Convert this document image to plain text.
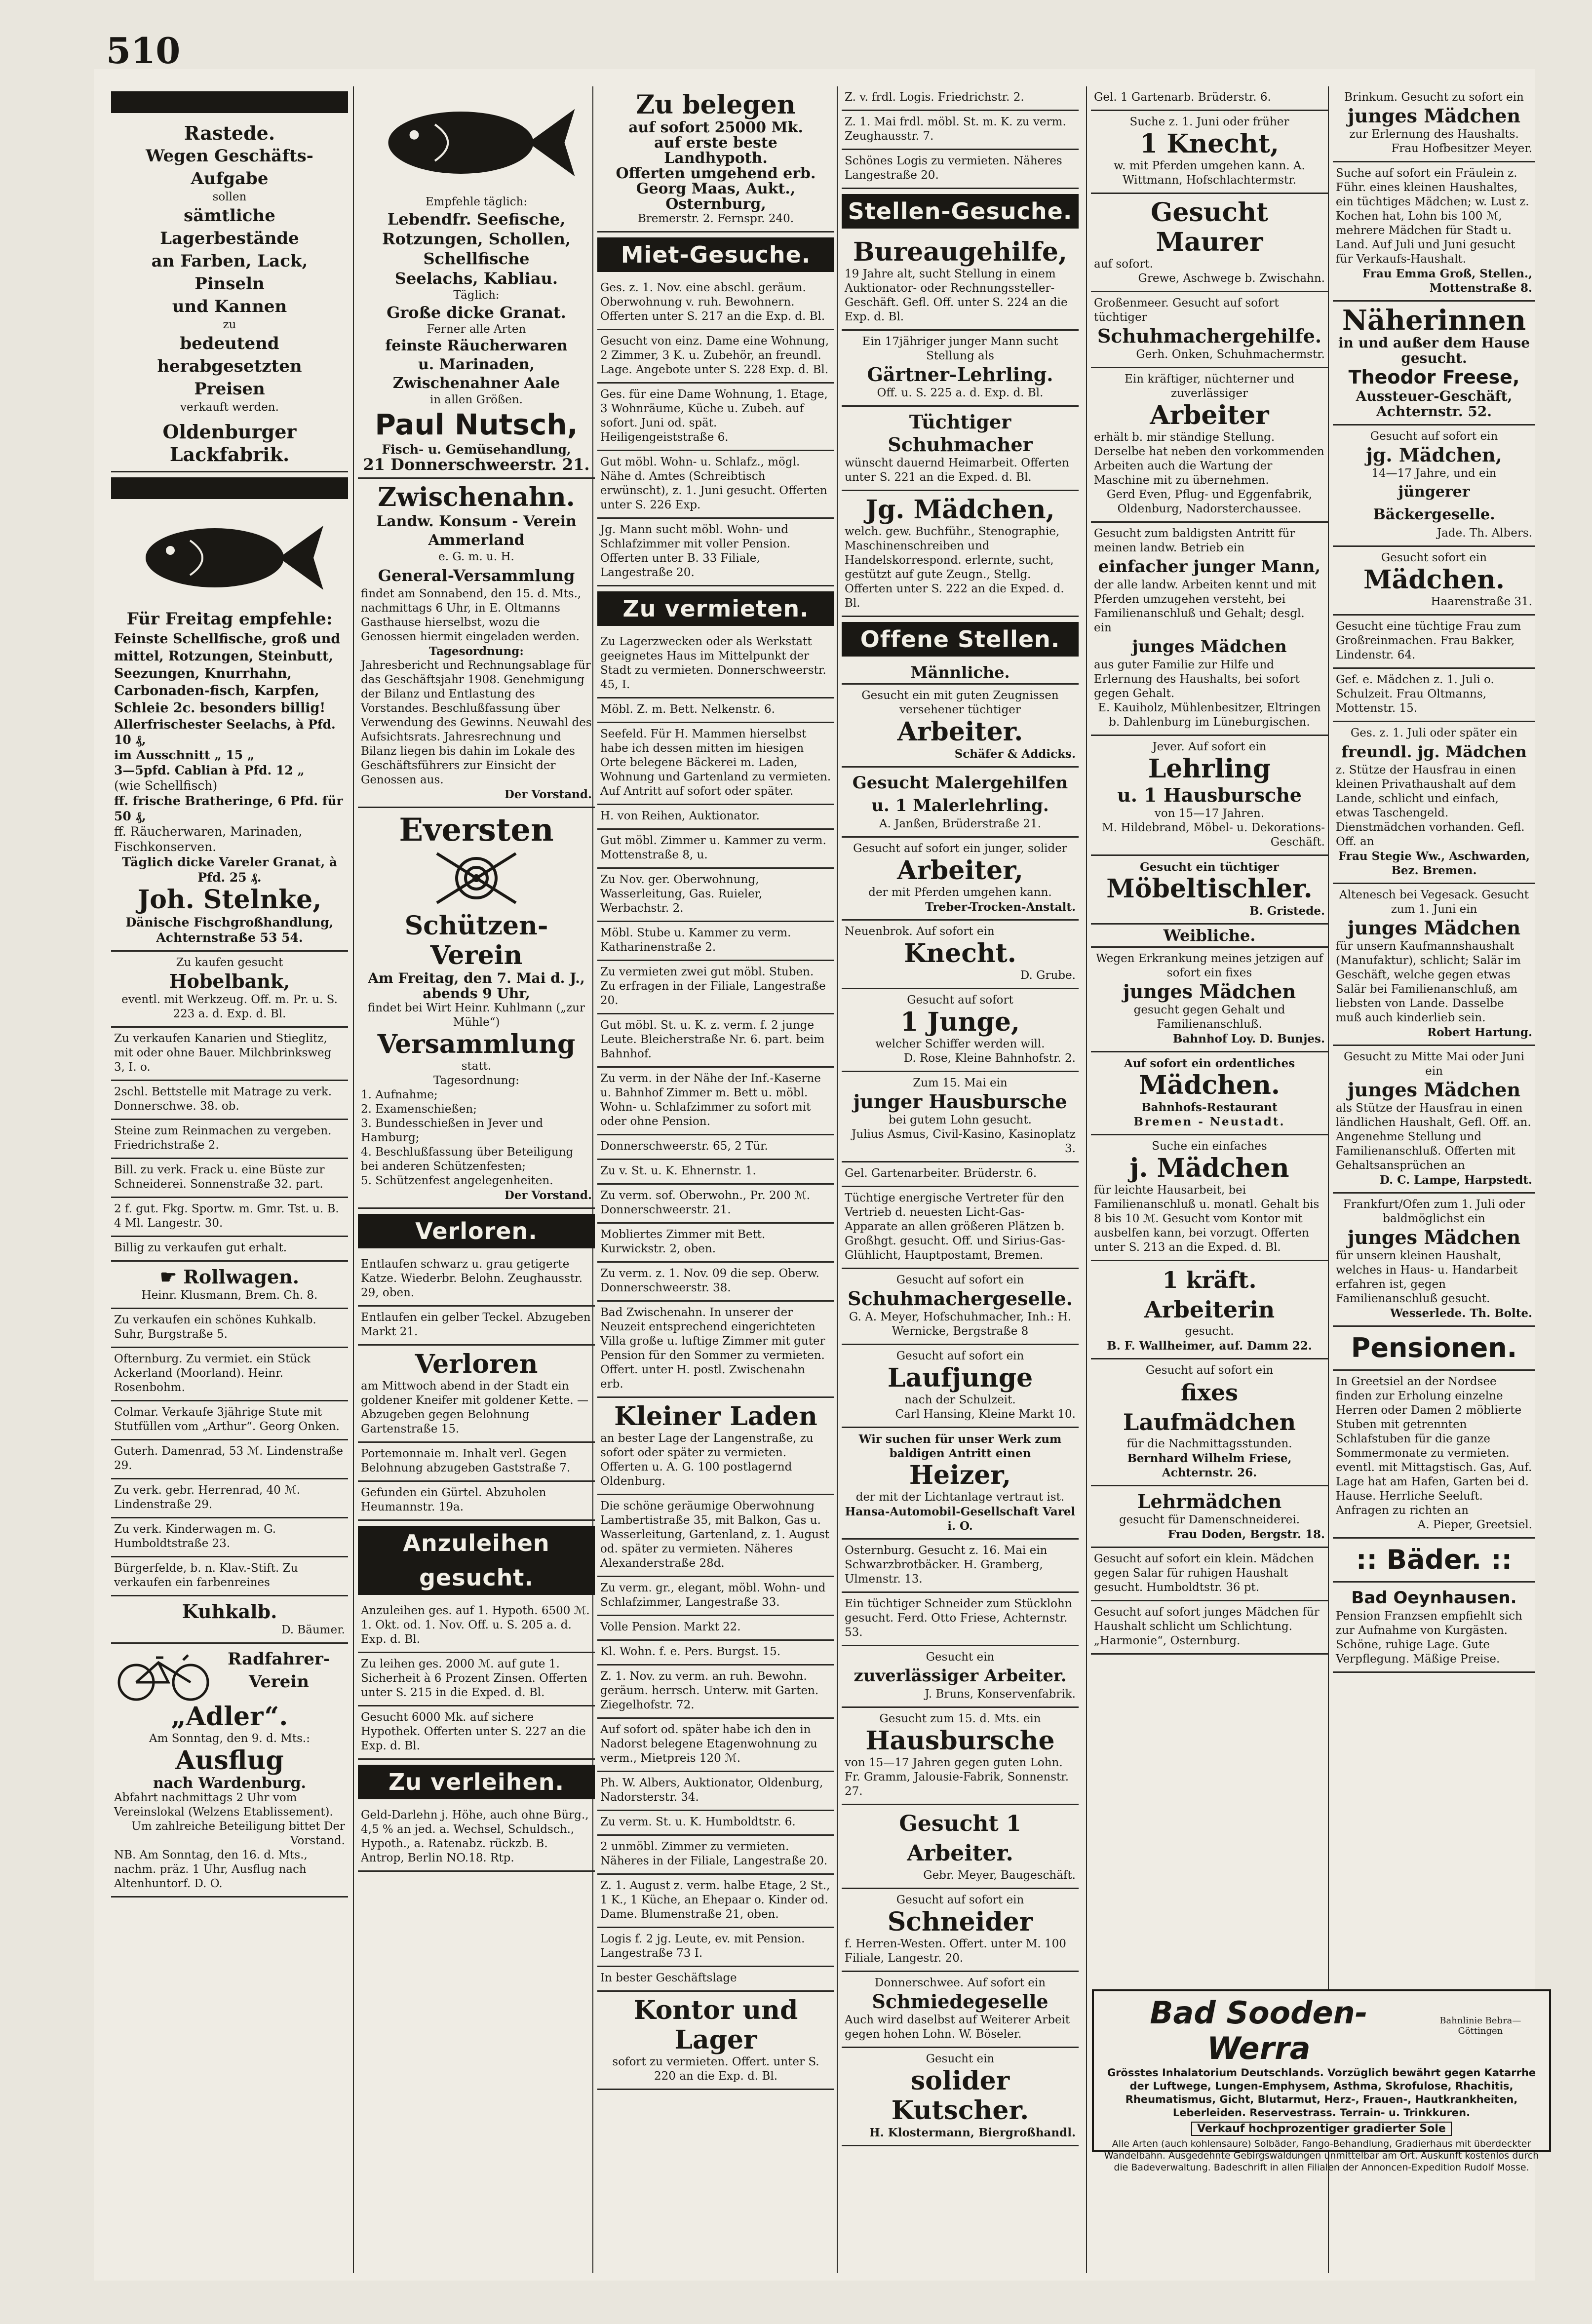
510
Rastede.
Wegen Geschäfts-Aufgabe
sollen
sämtliche Lagerbestände
an Farben, Lack, Pinseln
und Kannen
zu
bedeutend herabgesetzten
Preisen
verkauft werden.
Oldenburger Lackfabrik.
Für Freitag empfehle:
Feinste Schellfische, groß und mittel, Rotzungen, Steinbutt, Seezungen, Knurrhahn, Carbonaden-fisch, Karpfen, Schleie 2c. besonders billig!
Allerfrischester Seelachs, à Pfd. 10 ₰,
im Ausschnitt „ 15 „
3—5pfd. Cablian à Pfd. 12 „
(wie Schellfisch)
ff. frische Bratheringe, 6 Pfd. für 50 ₰,
ff. Räucherwaren, Marinaden, Fischkonserven.
Täglich dicke Vareler Granat, à Pfd. 25 ₰.
Joh. Stelnke,
Dänische Fischgroßhandlung,
Achternstraße 53 54.
Zu kaufen gesucht
Hobelbank,
eventl. mit Werkzeug. Off. m. Pr. u. S. 223 a. d. Exp. d. Bl.
Zu verkaufen Kanarien und Stieglitz, mit oder ohne Bauer. Milchbrinksweg 3, I. o.
2schl. Bettstelle mit Matrage zu verk. Donnerschwe. 38. ob.
Steine zum Reinmachen zu vergeben. Friedrichstraße 2.
Bill. zu verk. Frack u. eine Büste zur Schneiderei. Sonnenstraße 32. part.
2 f. gut. Fkg. Sportw. m. Gmr. Tst. u. B. 4 Ml. Langestr. 30.
Billig zu verkaufen gut erhalt.
☛ Rollwagen.
Heinr. Klusmann, Brem. Ch. 8.
Zu verkaufen ein schönes Kuhkalb. Suhr, Burgstraße 5.
Ofternburg. Zu vermiet. ein Stück Ackerland (Moorland). Heinr. Rosenbohm.
Colmar. Verkaufe 3jährige Stute mit Stutfüllen vom „Arthur“. Georg Onken.
Guterh. Damenrad, 53 ℳ. Lindenstraße 29.
Zu verk. gebr. Herrenrad, 40 ℳ. Lindenstraße 29.
Zu verk. Kinderwagen m. G. Humboldtstraße 23.
Bürgerfelde, b. n. Klav.-Stift. Zu verkaufen ein farbenreines
Kuhkalb.
D. Bäumer.
Radfahrer-Verein
„Adler“.
Am Sonntag, den 9. d. Mts.:
Ausflug
nach Wardenburg.
Abfahrt nachmittags 2 Uhr vom Vereinslokal (Welzens Etablissement).
Um zahlreiche Beteiligung bittet Der Vorstand.
NB. Am Sonntag, den 16. d. Mts., nachm. präz. 1 Uhr, Ausflug nach Altenhuntorf. D. O.
Empfehle täglich:
Lebendfr. Seefische,
Rotzungen, Schollen,
Schellfische
Seelachs, Kabliau.
Täglich:
Große dicke Granat.
Ferner alle Arten
feinste Räucherwaren
u. Marinaden,
Zwischenahner Aale
in allen Größen.
Paul Nutsch,
Fisch- u. Gemüsehandlung,
21 Donnerschweerstr. 21.
Zwischenahn.
Landw. Konsum - Verein Ammerland
e. G. m. u. H.
General-Versammlung
findet am Sonnabend, den 15. d. Mts., nachmittags 6 Uhr, in E. Oltmanns Gasthause hierselbst, wozu die Genossen hiermit eingeladen werden.
Tagesordnung:
Jahresbericht und Rechnungsablage für das Geschäftsjahr 1908. Genehmigung der Bilanz und Entlastung des Vorstandes. Beschlußfassung über Verwendung des Gewinns. Neuwahl des Aufsichtsrats. Jahresrechnung und Bilanz liegen bis dahin im Lokale des Geschäftsführers zur Einsicht der Genossen aus.
Der Vorstand.
Eversten
Schützen-Verein
Am Freitag, den 7. Mai d. J., abends 9 Uhr,
findet bei Wirt Heinr. Kuhlmann („zur Mühle“)
Versammlung
statt.
Tagesordnung:
1. Aufnahme;
2. Examenschießen;
3. Bundesschießen in Jever und Hamburg;
4. Beschlußfassung über Beteiligung bei anderen Schützenfesten;
5. Schützenfest angelegenheiten.
Der Vorstand.
Verloren.
Entlaufen schwarz u. grau getigerte Katze. Wiederbr. Belohn. Zeughausstr. 29, oben.
Entlaufen ein gelber Teckel. Abzugeben Markt 21.
Verloren
am Mittwoch abend in der Stadt ein goldener Kneifer mit goldener Kette. — Abzugeben gegen Belohnung Gartenstraße 15.
Portemonnaie m. Inhalt verl. Gegen Belohnung abzugeben Gaststraße 7.
Gefunden ein Gürtel. Abzuholen Heumannstr. 19a.
Anzuleihen gesucht.
Anzuleihen ges. auf 1. Hypoth. 6500 ℳ. 1. Okt. od. 1. Nov. Off. u. S. 205 a. d. Exp. d. Bl.
Zu leihen ges. 2000 ℳ. auf gute 1. Sicherheit à 6 Prozent Zinsen. Offerten unter S. 215 in die Exped. d. Bl.
Gesucht 6000 Mk. auf sichere Hypothek. Offerten unter S. 227 an die Exp. d. Bl.
Zu verleihen.
Geld-Darlehn j. Höhe, auch ohne Bürg., 4,5 % an jed. a. Wechsel, Schuldsch., Hypoth., a. Ratenabz. rückzb. B. Antrop, Berlin NO.18. Rtp.
Zu belegen
auf sofort 25000 Mk.
auf erste beste Landhypoth.
Offerten umgehend erb.
Georg Maas, Aukt.,
Osternburg,
Bremerstr. 2. Fernspr. 240.
Miet-Gesuche.
Ges. z. 1. Nov. eine abschl. geräum. Oberwohnung v. ruh. Bewohnern. Offerten unter S. 217 an die Exp. d. Bl.
Gesucht von einz. Dame eine Wohnung, 2 Zimmer, 3 K. u. Zubehör, an freundl. Lage. Angebote unter S. 228 Exp. d. Bl.
Ges. für eine Dame Wohnung, 1. Etage, 3 Wohnräume, Küche u. Zubeh. auf sofort. Juni od. spät. Heiligengeiststraße 6.
Gut möbl. Wohn- u. Schlafz., mögl. Nähe d. Amtes (Schreibtisch erwünscht), z. 1. Juni gesucht. Offerten unter S. 226 Exp.
Jg. Mann sucht möbl. Wohn- und Schlafzimmer mit voller Pension. Offerten unter B. 33 Filiale, Langestraße 20.
Zu vermieten.
Zu Lagerzwecken oder als Werkstatt geeignetes Haus im Mittelpunkt der Stadt zu vermieten. Donnerschweerstr. 45, I.
Möbl. Z. m. Bett. Nelkenstr. 6.
Seefeld. Für H. Mammen hierselbst habe ich dessen mitten im hiesigen Orte belegene Bäckerei m. Laden, Wohnung und Gartenland zu vermieten. Auf Antritt auf sofort oder später.
H. von Reihen, Auktionator.
Gut möbl. Zimmer u. Kammer zu verm. Mottenstraße 8, u.
Zu Nov. ger. Oberwohnung, Wasserleitung, Gas. Ruieler, Werbachstr. 2.
Möbl. Stube u. Kammer zu verm. Katharinenstraße 2.
Zu vermieten zwei gut möbl. Stuben. Zu erfragen in der Filiale, Langestraße 20.
Gut möbl. St. u. K. z. verm. f. 2 junge Leute. Bleicherstraße Nr. 6. part. beim Bahnhof.
Zu verm. in der Nähe der Inf.-Kaserne u. Bahnhof Zimmer m. Bett u. möbl. Wohn- u. Schlafzimmer zu sofort mit oder ohne Pension.
Donnerschweerstr. 65, 2 Tür.
Zu v. St. u. K. Ehnernstr. 1.
Zu verm. sof. Oberwohn., Pr. 200 ℳ. Donnerschweerstr. 21.
Mobliertes Zimmer mit Bett. Kurwickstr. 2, oben.
Zu verm. z. 1. Nov. 09 die sep. Oberw. Donnerschweerstr. 38.
Bad Zwischenahn. In unserer der Neuzeit entsprechend eingerichteten Villa große u. luftige Zimmer mit guter Pension für den Sommer zu vermieten. Offert. unter H. postl. Zwischenahn erb.
Kleiner Laden
an bester Lage der Langenstraße, zu sofort oder später zu vermieten. Offerten u. A. G. 100 postlagernd Oldenburg.
Die schöne geräumige Oberwohnung Lambertistraße 35, mit Balkon, Gas u. Wasserleitung, Gartenland, z. 1. August od. später zu vermieten. Näheres Alexanderstraße 28d.
Zu verm. gr., elegant, möbl. Wohn- und Schlafzimmer, Langestraße 33.
Volle Pension. Markt 22.
Kl. Wohn. f. e. Pers. Burgst. 15.
Z. 1. Nov. zu verm. an ruh. Bewohn. geräum. herrsch. Unterw. mit Garten. Ziegelhofstr. 72.
Auf sofort od. später habe ich den in Nadorst belegene Etagenwohnung zu verm., Mietpreis 120 ℳ.
Ph. W. Albers, Auktionator, Oldenburg, Nadorsterstr. 34.
Zu verm. St. u. K. Humboldtstr. 6.
2 unmöbl. Zimmer zu vermieten. Näheres in der Filiale, Langestraße 20.
Z. 1. August z. verm. halbe Etage, 2 St., 1 K., 1 Küche, an Ehepaar o. Kinder od. Dame. Blumenstraße 21, oben.
Logis f. 2 jg. Leute, ev. mit Pension. Langestraße 73 I.
In bester Geschäftslage
Kontor und Lager
sofort zu vermieten. Offert. unter S. 220 an die Exp. d. Bl.
Z. v. frdl. Logis. Friedrichstr. 2.
Z. 1. Mai frdl. möbl. St. m. K. zu verm. Zeughausstr. 7.
Schönes Logis zu vermieten. Näheres Langestraße 20.
Stellen-Gesuche.
Bureaugehilfe,
19 Jahre alt, sucht Stellung in einem Auktionator- oder Rechnungssteller-Geschäft. Gefl. Off. unter S. 224 an die Exp. d. Bl.
Ein 17jähriger junger Mann sucht Stellung als
Gärtner-Lehrling.
Off. u. S. 225 a. d. Exp. d. Bl.
Tüchtiger Schuhmacher
wünscht dauernd Heimarbeit. Offerten unter S. 221 an die Exped. d. Bl.
Jg. Mädchen,
welch. gew. Buchführ., Stenographie, Maschinenschreiben und Handelskorrespond. erlernte, sucht, gestützt auf gute Zeugn., Stellg. Offerten unter S. 222 an die Exped. d. Bl.
Offene Stellen.
Männliche.
Gesucht ein mit guten Zeugnissen versehener tüchtiger
Arbeiter.
Schäfer & Addicks.
Gesucht Malergehilfen u. 1 Malerlehrling.
A. Janßen, Brüderstraße 21.
Gesucht auf sofort ein junger, solider
Arbeiter,
der mit Pferden umgehen kann.
Treber-Trocken-Anstalt.
Neuenbrok. Auf sofort ein
Knecht.
D. Grube.
Gesucht auf sofort
1 Junge,
welcher Schiffer werden will.
D. Rose, Kleine Bahnhofstr. 2.
Zum 15. Mai ein
junger Hausbursche
bei gutem Lohn gesucht.
Julius Asmus, Civil-Kasino, Kasinoplatz 3.
Gel. Gartenarbeiter. Brüderstr. 6.
Tüchtige energische Vertreter für den Vertrieb d. neuesten Licht-Gas-Apparate an allen größeren Plätzen b. Großhgt. gesucht. Off. und Sirius-Gas-Glühlicht, Hauptpostamt, Bremen.
Gesucht auf sofort ein
Schuhmachergeselle.
G. A. Meyer, Hofschuhmacher, Inh.: H. Wernicke, Bergstraße 8
Gesucht auf sofort ein
Laufjunge
nach der Schulzeit.
Carl Hansing, Kleine Markt 10.
Wir suchen für unser Werk zum baldigen Antritt einen
Heizer,
der mit der Lichtanlage vertraut ist.
Hansa-Automobil-Gesellschaft Varel i. O.
Osternburg. Gesucht z. 16. Mai ein Schwarzbrotbäcker. H. Gramberg, Ulmenstr. 13.
Ein tüchtiger Schneider zum Stücklohn gesucht. Ferd. Otto Friese, Achternstr. 53.
Gesucht ein
zuverlässiger Arbeiter.
J. Bruns, Konservenfabrik.
Gesucht zum 15. d. Mts. ein
Hausbursche
von 15—17 Jahren gegen guten Lohn. Fr. Gramm, Jalousie-Fabrik, Sonnenstr. 27.
Gesucht 1 Arbeiter.
Gebr. Meyer, Baugeschäft.
Gesucht auf sofort ein
Schneider
f. Herren-Westen. Offert. unter M. 100 Filiale, Langestr. 20.
Donnerschwee. Auf sofort ein
Schmiedegeselle
Auch wird daselbst auf Weiterer Arbeit gegen hohen Lohn. W. Böseler.
Gesucht ein
solider Kutscher.
H. Klostermann, Biergroßhandl.
Gel. 1 Gartenarb. Brüderstr. 6.
Suche z. 1. Juni oder früher
1 Knecht,
w. mit Pferden umgehen kann. A. Wittmann, Hofschlachtermstr.
Gesucht Maurer
auf sofort.
Grewe, Aschwege b. Zwischahn.
Großenmeer. Gesucht auf sofort tüchtiger
Schuhmachergehilfe.
Gerh. Onken, Schuhmachermstr.
Ein kräftiger, nüchterner und zuverlässiger
Arbeiter
erhält b. mir ständige Stellung. Derselbe hat neben den vorkommenden Arbeiten auch die Wartung der Maschine mit zu übernehmen.
Gerd Even, Pflug- und Eggenfabrik, Oldenburg, Nadorsterchaussee.
Gesucht zum baldigsten Antritt für meinen landw. Betrieb ein
einfacher junger Mann,
der alle landw. Arbeiten kennt und mit Pferden umzugehen versteht, bei Familienanschluß und Gehalt; desgl. ein
junges Mädchen
aus guter Familie zur Hilfe und Erlernung des Haushalts, bei sofort gegen Gehalt.
E. Kauiholz, Mühlenbesitzer, Eltringen b. Dahlenburg im Lüneburgischen.
Jever. Auf sofort ein
Lehrling
u. 1 Hausbursche
von 15—17 Jahren.
M. Hildebrand, Möbel- u. Dekorations-Geschäft.
Gesucht ein tüchtiger
Möbeltischler.
B. Gristede.
Weibliche.
Wegen Erkrankung meines jetzigen auf sofort ein fixes
junges Mädchen
gesucht gegen Gehalt und Familienanschluß.
Bahnhof Loy. D. Bunjes.
Auf sofort ein ordentliches
Mädchen.
Bahnhofs-Restaurant
Bremen - Neustadt.
Suche ein einfaches
j. Mädchen
für leichte Hausarbeit, bei Familienanschluß u. monatl. Gehalt bis 8 bis 10 ℳ. Gesucht vom Kontor mit ausbelfen kann, bei vorzugt. Offerten unter S. 213 an die Exped. d. Bl.
1 kräft. Arbeiterin
gesucht.
B. F. Wallheimer, auf. Damm 22.
Gesucht auf sofort ein
fixes Laufmädchen
für die Nachmittagsstunden.
Bernhard Wilhelm Friese, Achternstr. 26.
Lehrmädchen
gesucht für Damenschneiderei.
Frau Doden, Bergstr. 18.
Gesucht auf sofort ein klein. Mädchen gegen Salar für ruhigen Haushalt gesucht. Humboldtstr. 36 pt.
Gesucht auf sofort junges Mädchen für Haushalt schlicht um Schlichtung. „Harmonie“, Osternburg.
Brinkum. Gesucht zu sofort ein
junges Mädchen
zur Erlernung des Haushalts.
Frau Hofbesitzer Meyer.
Suche auf sofort ein Fräulein z. Führ. eines kleinen Haushaltes, ein tüchtiges Mädchen; w. Lust z. Kochen hat, Lohn bis 100 ℳ, mehrere Mädchen für Stadt u. Land. Auf Juli und Juni gesucht für Verkaufs-Haushalt.
Frau Emma Groß, Stellen., Mottenstraße 8.
Näherinnen
in und außer dem Hause gesucht.
Theodor Freese,
Aussteuer-Geschäft,
Achternstr. 52.
Gesucht auf sofort ein
jg. Mädchen,
14—17 Jahre, und ein
jüngerer Bäckergeselle.
Jade. Th. Albers.
Gesucht sofort ein
Mädchen.
Haarenstraße 31.
Gesucht eine tüchtige Frau zum Großreinmachen. Frau Bakker, Lindenstr. 64.
Gef. e. Mädchen z. 1. Juli o. Schulzeit. Frau Oltmanns, Mottenstr. 15.
Ges. z. 1. Juli oder später ein
freundl. jg. Mädchen
z. Stütze der Hausfrau in einen kleinen Privathaushalt auf dem Lande, schlicht und einfach, etwas Taschengeld. Dienstmädchen vorhanden. Gefl. Off. an
Frau Stegie Ww., Aschwarden, Bez. Bremen.
Altenesch bei Vegesack. Gesucht zum 1. Juni ein
junges Mädchen
für unsern Kaufmannshaushalt (Manufaktur), schlicht; Salär im Geschäft, welche gegen etwas Salär bei Familienanschluß, am liebsten von Lande. Dasselbe muß auch kinderlieb sein.
Robert Hartung.
Gesucht zu Mitte Mai oder Juni ein
junges Mädchen
als Stütze der Hausfrau in einen ländlichen Haushalt, Gefl. Off. an. Angenehme Stellung und Familienanschluß. Offerten mit Gehaltsansprüchen an
D. C. Lampe, Harpstedt.
Frankfurt/Ofen zum 1. Juli oder baldmöglichst ein
junges Mädchen
für unsern kleinen Haushalt, welches in Haus- u. Handarbeit erfahren ist, gegen Familienanschluß gesucht.
Wesserlede. Th. Bolte.
Pensionen.
In Greetsiel an der Nordsee finden zur Erholung einzelne Herren oder Damen 2 möblierte Stuben mit getrennten Schlafstuben für die ganze Sommermonate zu vermieten. eventl. mit Mittagstisch. Gas, Auf. Lage hat am Hafen, Garten bei d. Hause. Herrliche Seeluft. Anfragen zu richten an
A. Pieper, Greetsiel.
:: Bäder. ::
Bad Oeynhausen.
Pension Franzsen empfiehlt sich zur Aufnahme von Kurgästen. Schöne, ruhige Lage. Gute Verpflegung. Mäßige Preise.
Bad Sooden-Werra
Bahnlinie Bebra—Göttingen
Grösstes Inhalatorium Deutschlands. Vorzüglich bewährt gegen Katarrhe der Luftwege, Lungen-Emphysem, Asthma, Skrofulose, Rhachitis, Rheumatismus, Gicht, Blutarmut, Herz-, Frauen-, Hautkrankheiten, Leberleiden. Reservestrass. Terrain- u. Trinkkuren.
Verkauf hochprozentiger gradierter Sole
Alle Arten (auch kohlensaure) Solbäder, Fango-Behandlung, Gradierhaus mit überdeckter Wandelbahn. Ausgedehnte Gebirgswaldungen unmittelbar am Ort. Auskunft kostenlos durch die Badeverwaltung. Badeschrift in allen Filialen der Annoncen-Expedition Rudolf Mosse.
